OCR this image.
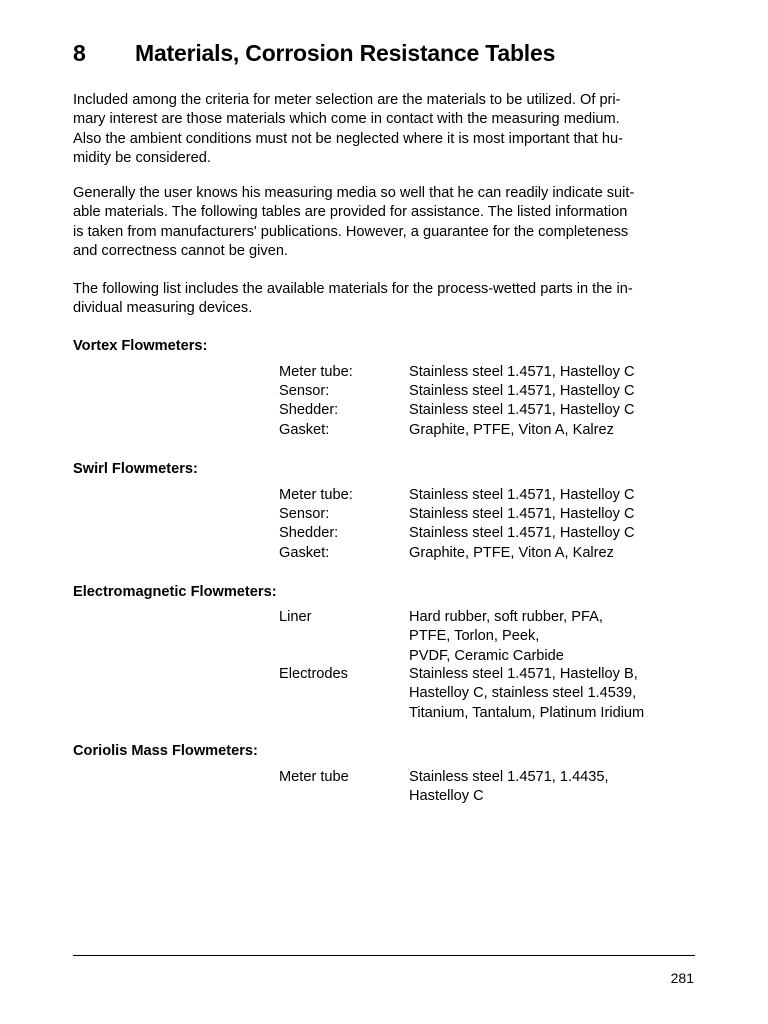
8	Materials, Corrosion Resistance Tables
Included among the criteria for meter selection are the materials to be utilized. Of pri-
mary interest are those materials which come in contact with the measuring medium.
Also the ambient conditions must not be neglected where it is most important that hu-
midity be considered.
Generally the user knows his measuring media so well that he can readily indicate suit-
able materials. The following tables are provided for assistance. The listed information
is taken from manufacturers' publications. However, a guarantee for the completeness
and correctness cannot be given.
The following list includes the available materials for the process-wetted parts in the in-
dividual measuring devices.
Vortex Flowmeters:
Meter tube:	Stainless steel 1.4571, Hastelloy C
Sensor:	Stainless steel 1.4571, Hastelloy C
Shedder:	Stainless steel 1.4571, Hastelloy C
Gasket:	Graphite, PTFE, Viton A, Kalrez
Swirl Flowmeters:
Meter tube:	Stainless steel 1.4571, Hastelloy C
Sensor:	Stainless steel 1.4571, Hastelloy C
Shedder:	Stainless steel 1.4571, Hastelloy C
Gasket:	Graphite, PTFE, Viton A, Kalrez
Electromagnetic Flowmeters:
Liner	Hard rubber, soft rubber, PFA,
PTFE, Torlon, Peek,
PVDF, Ceramic Carbide
Electrodes	Stainless steel 1.4571, Hastelloy B,
Hastelloy C, stainless steel 1.4539,
Titanium, Tantalum, Platinum Iridium
Coriolis Mass Flowmeters:
Meter tube	Stainless steel 1.4571, 1.4435,
Hastelloy C
281
